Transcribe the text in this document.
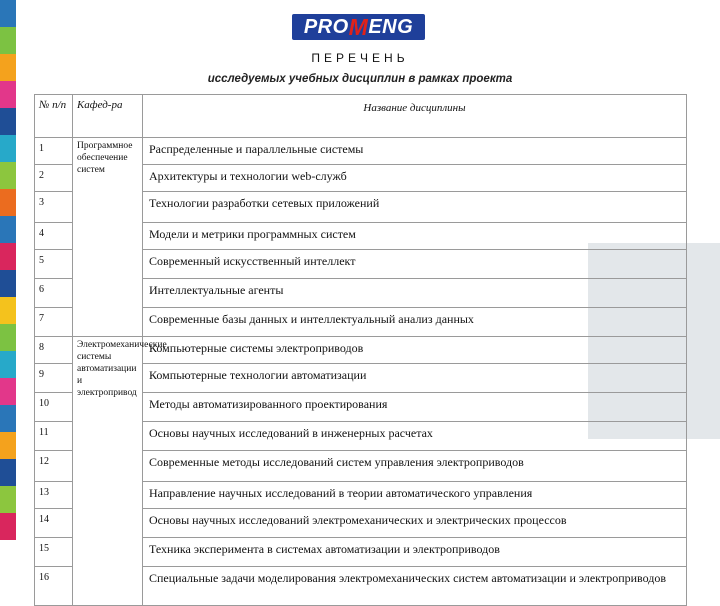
PRO M ENG
ПЕРЕЧЕНЬ
исследуемых учебных дисциплин в рамках проекта
№ п/п	Кафед-ра	Название дисциплины
1	Программное обеспечение систем	Распределенные и параллельные системы
2		Архитектуры и технологии web-служб
3		Технологии разработки сетевых приложений
4		Модели и метрики программных систем
5		Современный искусственный интеллект
6		Интеллектуальные агенты
7		Современные базы данных и интеллектуальный анализ данных
8	Электромеханические системы автоматизации и электропривод	Компьютерные системы электроприводов
9		Компьютерные технологии автоматизации
10		Методы автоматизированного проектирования
11		Основы научных исследований в инженерных расчетах
12		Современные методы исследований систем управления электроприводов
13		Направление научных исследований в теории автоматического управления
14		Основы научных исследований электромеханических и электрических процессов
15		Техника эксперимента в системах автоматизации и электроприводов
16		Специальные задачи моделирования электромеханических систем автоматизации и электроприводов
